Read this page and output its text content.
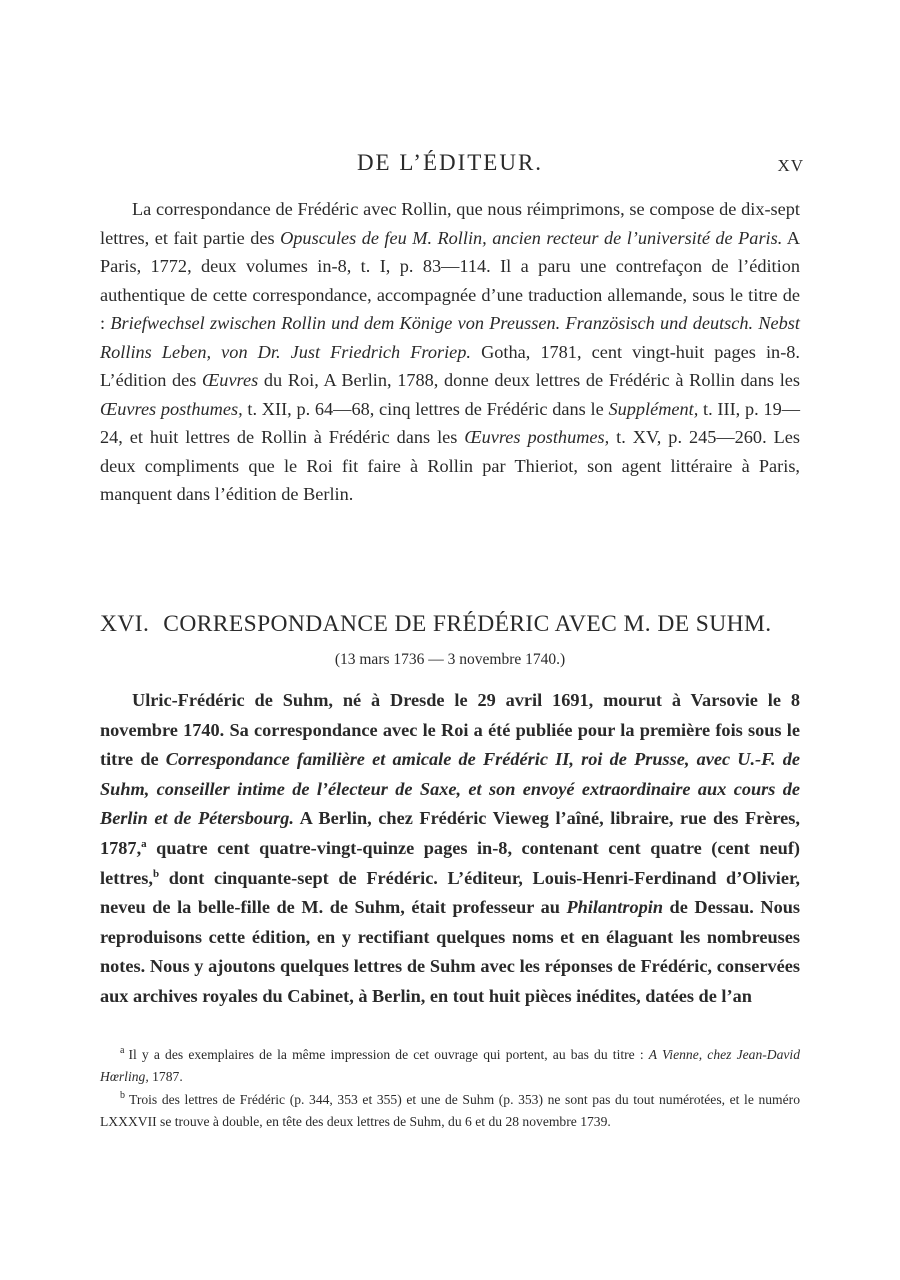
DE L’ÉDITEUR.	XV

La correspondance de Frédéric avec Rollin, que nous réimprimons, se compose de dix-sept lettres, et fait partie des Opuscules de feu M. Rollin, ancien recteur de l’université de Paris. A Paris, 1772, deux volumes in-8, t. I, p. 83—114. Il a paru une contrefaçon de l’édition authentique de cette correspondance, accompagnée d’une traduction allemande, sous le titre de : Briefwechsel zwischen Rollin und dem Könige von Preussen. Französisch und deutsch. Nebst Rollins Leben, von Dr. Just Friedrich Froriep. Gotha, 1781, cent vingt-huit pages in-8. L’édition des Œuvres du Roi, A Berlin, 1788, donne deux lettres de Frédéric à Rollin dans les Œuvres posthumes, t. XII, p. 64—68, cinq lettres de Frédéric dans le Supplément, t. III, p. 19—24, et huit lettres de Rollin à Frédéric dans les Œuvres posthumes, t. XV, p. 245—260. Les deux compliments que le Roi fit faire à Rollin par Thieriot, son agent littéraire à Paris, manquent dans l’édition de Berlin.

XVI. CORRESPONDANCE DE FRÉDÉRIC AVEC M. DE SUHM.
(13 mars 1736 — 3 novembre 1740.)

Ulric-Frédéric de Suhm, né à Dresde le 29 avril 1691, mourut à Varsovie le 8 novembre 1740. Sa correspondance avec le Roi a été publiée pour la première fois sous le titre de Correspondance familière et amicale de Frédéric II, roi de Prusse, avec U.-F. de Suhm, conseiller intime de l’électeur de Saxe, et son envoyé extraordinaire aux cours de Berlin et de Pétersbourg. A Berlin, chez Frédéric Vieweg l’aîné, libraire, rue des Frères, 1787,$^a$ quatre cent quatre-vingt-quinze pages in-8, contenant cent quatre (cent neuf) lettres,$^b$ dont cinquante-sept de Frédéric. L’éditeur, Louis-Henri-Ferdinand d’Olivier, neveu de la belle-fille de M. de Suhm, était professeur au Philantropin de Dessau. Nous reproduisons cette édition, en y rectifiant quelques noms et en élaguant les nombreuses notes. Nous y ajoutons quelques lettres de Suhm avec les réponses de Frédéric, conservées aux archives royales du Cabinet, à Berlin, en tout huit pièces inédites, datées de l’an

$^a$ Il y a des exemplaires de la même impression de cet ouvrage qui portent, au bas du titre : A Vienne, chez Jean-David Hœrling, 1787.

$^b$ Trois des lettres de Frédéric (p. 344, 353 et 355) et une de Suhm (p. 353) ne sont pas du tout numérotées, et le numéro LXXXVII se trouve à double, en tête des deux lettres de Suhm, du 6 et du 28 novembre 1739.
